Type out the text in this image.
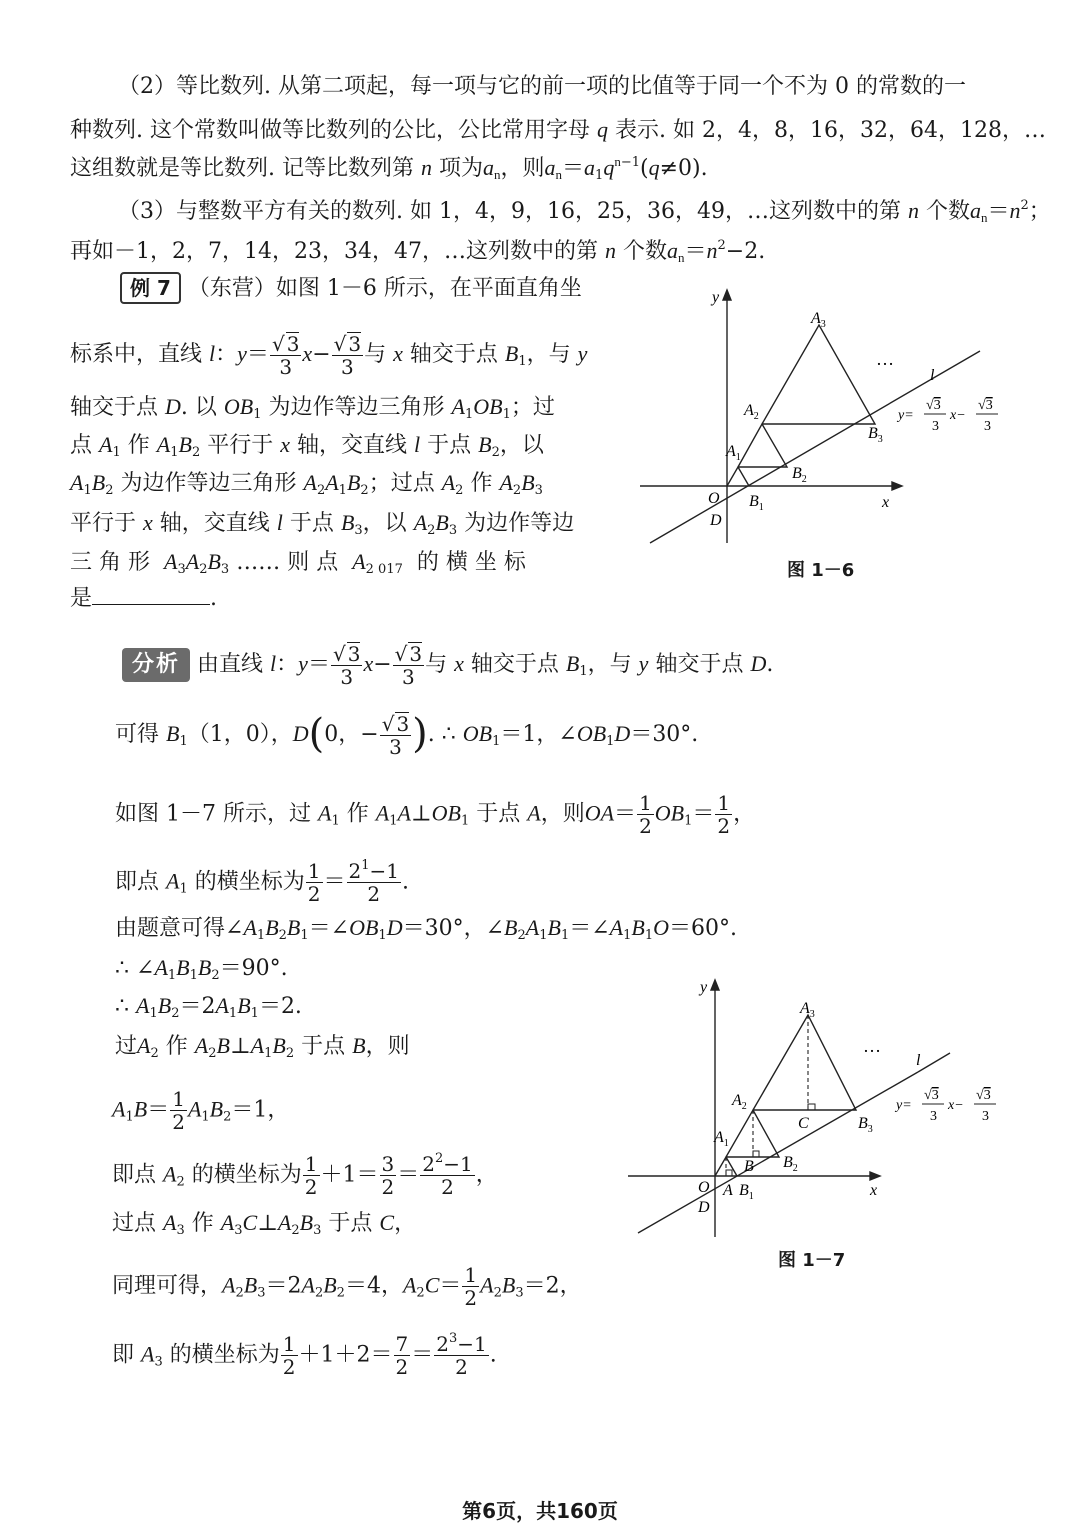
（2）等比数列. 从第二项起，每一项与它的前一项的比值等于同一个不为 0 的常数的一
种数列. 这个常数叫做等比数列的公比，公比常用字母 q 表示. 如 2，4，8，16，32，64，128，…
这组数就是等比数列. 记等比数列第 n 项为$a_n$，则$a_n=a_1q^{n-1}(q\ne 0)$.
（3）与整数平方有关的数列. 如 1，4，9，16，25，36，49，…这列数中的第 n 个数$a_n=n^2$；
再如－1，2，7，14，23，34，47，…这列数中的第 n 个数$a_n=n^2-2$.
例 7 （东营）如图 1－6 所示，在平面直角坐
标系中，直线 l：$y= \frac{√ 3}{3} x- \frac{√ 3}{3}$ 与 x 轴交于点 $B_1$，与 y
轴交于点 D. 以 $OB_1$ 为边作等边三角形 $A_1OB_1$；过
点 $A_1$ 作 $A_1B_2$ 平行于 x 轴，交直线 l 于点 $B_2$，以
$A_1B_2$ 为边作等边三角形 $A_2A_1B_2$；过点 $A_2$ 作 $A_2B_3$
平行于 x 轴，交直线 l 于点 $B_3$，以 $A_2B_3$ 为边作等边
三 角 形 $A_3A_2B_3$ …… 则 点 $A_{2 017}$ 的 横 坐 标
是	.
y
x
O
D
$B_1$
$B_2$
$B_3$
$A_1$
$A_2$
$A_3$
…
l
y=
√3
3
x−
√3
3
图 1－6
分析 由直线 l：$y= \frac{√ 3}{3} x- \frac{√ 3}{3}$ 与 x 轴交于点 $B_1$，与 y 轴交于点 D.
可得 $B_1(1$，0），D(0，− $\frac{√ 3}{3}$ ). ∴ $OB_1=1$，$\angle OB_1D=30^\circ$.
如图 1－7 所示，过 $A_1$ 作 $A_1A\perp OB_1$ 于点 A，则$OA= \frac{1}{2} OB_1= \frac{1}{2}$ ，
即点 $A_1$ 的横坐标为 $\frac{1}{2} = \frac{2^1-1}{2}$ .
由题意可得$\angle A_1B_2B_1=\angle OB_1D=30^\circ$，$\angle B_2A_1B_1=\angle A_1B_1O=60^\circ$.
∴ $\angle A_1B_1B_2=90^\circ$.
∴ $A_1B_2=2A_1B_1=2$.
过$A_2$ 作 $A_2B\perp A_1B_2$ 于点 B，则
$A_1B= \frac{1}{2} A_1B_2=1$，
即点 $A_2$ 的横坐标为 $\frac{1}{2} +1= \frac{3}{2} = \frac{2^2-1}{2}$ ，
过点 $A_3$ 作 $A_3C\perp A_2B_3$ 于点 C，
同理可得，$A_2B_3=2A_2B_2=4$，$A_2C= \frac{1}{2} A_2B_3=2$，
即 $A_3$ 的横坐标为 $\frac{1}{2} +1+2= \frac{7}{2} = \frac{2^3-1}{2}$ .
y
x
O
D
A $B_1$
B $B_2$
$B_3$
C
$A_1$
$A_2$
$A_3$
…
l
y=
√3
3
x−
√3
3
图 1－7
第6页，共160页
